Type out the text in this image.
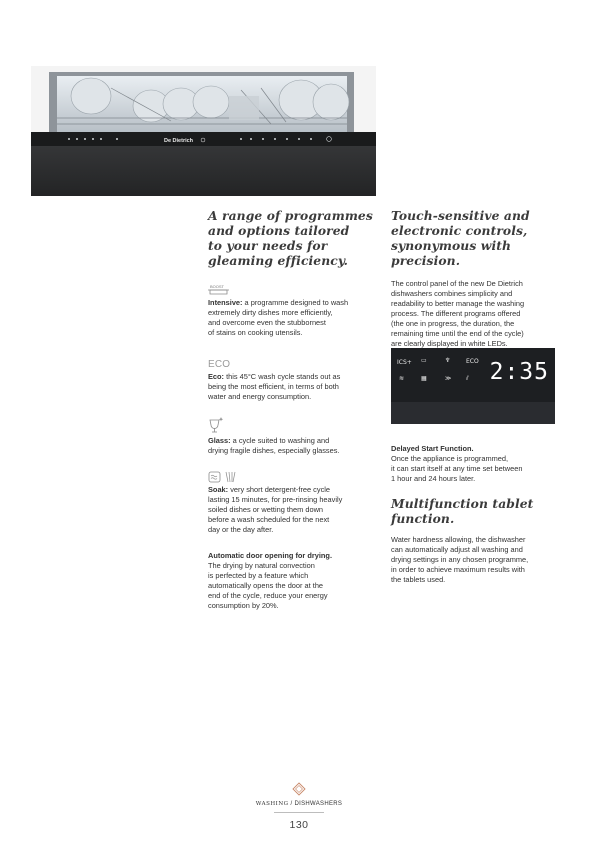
De Dietrich
A range of programmes
and options tailored
to your needs for
gleaming efficiency.
BOOST
Intensive: a programme designed to wash
extremely dirty dishes more efficiently,
and overcome even the stubbornest
of stains on cooking utensils.
ECO
Eco: this 45°C wash cycle stands out as
being the most efficient, in terms of both
water and energy consumption.
Glass: a cycle suited to washing and
drying fragile dishes, especially glasses.
Soak: very short detergent-free cycle
lasting 15 minutes, for pre-rinsing heavily
soiled dishes or wetting them down
before a wash scheduled for the next
day or the day after.
Automatic door opening for drying.
The drying by natural convection
is perfected by a feature which
automatically opens the door at the
end of the cycle, reduce your energy
consumption by 20%.
Touch-sensitive and
electronic controls,
synonymous with precision.
The control panel of the new De Dietrich
dishwashers combines simplicity and
readability to better manage the washing
process. The different programs offered
(the one in progress, the duration, the
remaining time until the end of the cycle)
are clearly displayed in white LEDs.
ICS+ ▭	♆	ECO
≋	▦	≫ ⫽ 2:35
Delayed Start Function.
Once the appliance is programmed,
it can start itself at any time set between
1 hour and 24 hours later.
Multifunction tablet
function.
Water hardness allowing, the dishwasher
can automatically adjust all washing and
drying settings in any chosen programme,
in order to achieve maximum results with
the tablets used.
WASHING / DISHWASHERS
130
